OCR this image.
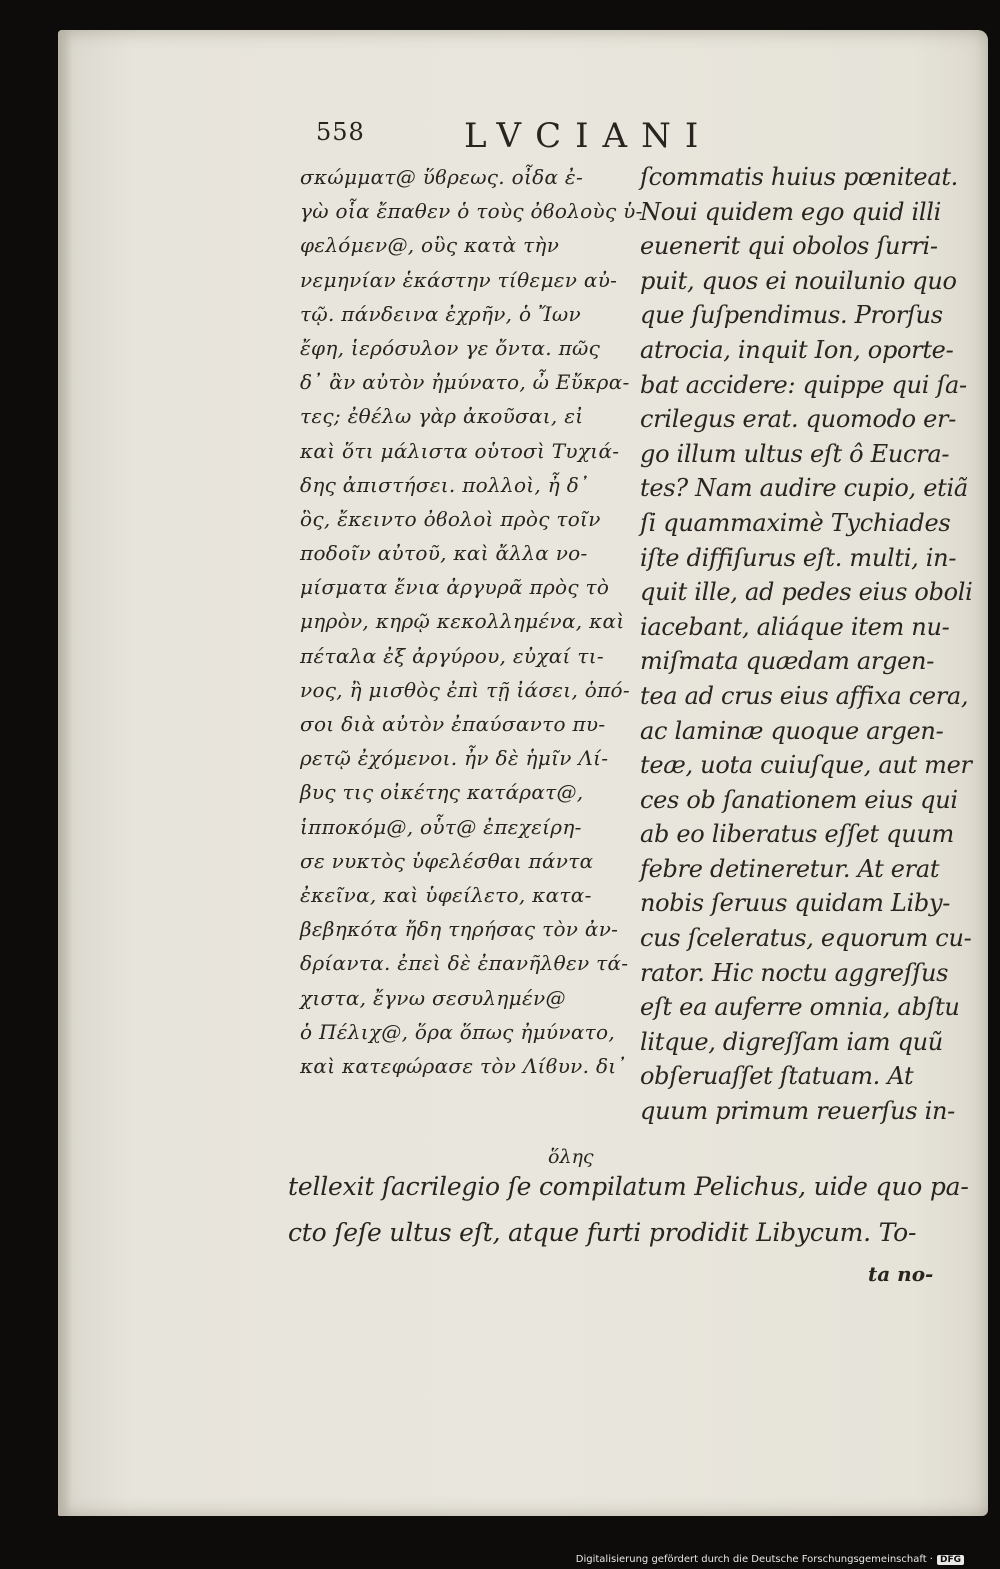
558	LVCIANI
σκώμματ@ ὕϐρεως. οἶδα ἐ-
γὼ οἷα ἔπαθεν ὁ τοὺς ὀϐολοὺς ὑ-
φελόμεν@, οὓς κατὰ τὴν
νεμηνίαν ἑκάστην τίθεμεν αὐ-
τῷ. πάνδεινα ἐχρῆν, ὁ Ἴων
ἔφη, ἱερόσυλον γε ὄντα. πῶς
δ᾽ ἂν αὐτὸν ἠμύνατο, ὦ Εὔκρα-
τες; ἐθέλω γὰρ ἀκοῦσαι, εἰ
καὶ ὅτι μάλιστα οὑτοσὶ Τυχιά-
δης ἀπιστήσει. πολλοὶ, ἦ δ᾽
ὃς, ἔκειντο ὀϐολοὶ πρὸς τοῖν
ποδοῖν αὐτοῦ, καὶ ἄλλα νο-
μίσματα ἔνια ἀργυρᾶ πρὸς τὸ
μηρὸν, κηρῷ κεκολλημένα, καὶ
πέταλα ἐξ ἀργύρου, εὐχαί τι-
νος, ἢ μισθὸς ἐπὶ τῇ ἰάσει, ὁπό-
σοι διὰ αὐτὸν ἐπαύσαντο πυ-
ρετῷ ἐχόμενοι. ἦν δὲ ἡμῖν Λί-
βυς τις οἰκέτης κατάρατ@,
ἱπποκόμ@, οὗτ@ ἐπεχείρη-
σε νυκτὸς ὑφελέσθαι πάντα
ἐκεῖνα, καὶ ὑφείλετο, κατα-
βεβηκότα ἤδη τηρήσας τὸν ἀν-
δρίαντα. ἐπεὶ δὲ ἐπανῆλθεν τά-
χιστα, ἔγνω σεσυλημέν@
ὁ Πέλιχ@, ὅρα ὅπως ἠμύνατο,
καὶ κατεφώρασε τὸν Λίϐυν. δι᾽
ὅλης
ſcommatis huius pœniteat.
Noui quidem ego quid illi
euenerit qui obolos ſurri-
puit, quos ei nouilunio quo
que ſuſpendimus. Prorſus
atrocia, inquit Ion, oporte-
bat accidere: quippe qui ſa-
crilegus erat. quomodo er-
go illum ultus eſt ô Eucra-
tes? Nam audire cupio, etiã
ſi quammaximè Tychiades
iſte diffiſurus eſt. multi, in-
quit ille, ad pedes eius oboli
iacebant, aliáque item nu-
miſmata quædam argen-
tea ad crus eius affixa cera,
ac laminæ quoque argen-
teæ, uota cuiuſque, aut mer
ces ob ſanationem eius qui
ab eo liberatus eſſet quum
febre detineretur. At erat
nobis ſeruus quidam Liby-
cus ſceleratus, equorum cu-
rator. Hic noctu aggreſſus
eſt ea auferre omnia, abſtu
litque, digreſſam iam quũ
obſeruaſſet ſtatuam. At
quum primum reuerſus in-
tellexit ſacrilegio ſe compilatum Pelichus, uide quo pa-
cto ſeſe ultus eſt, atque furti prodidit Libycum. To-
ta no-
Digitalisierung gefördert durch die Deutsche Forschungsgemeinschaft · DFG
